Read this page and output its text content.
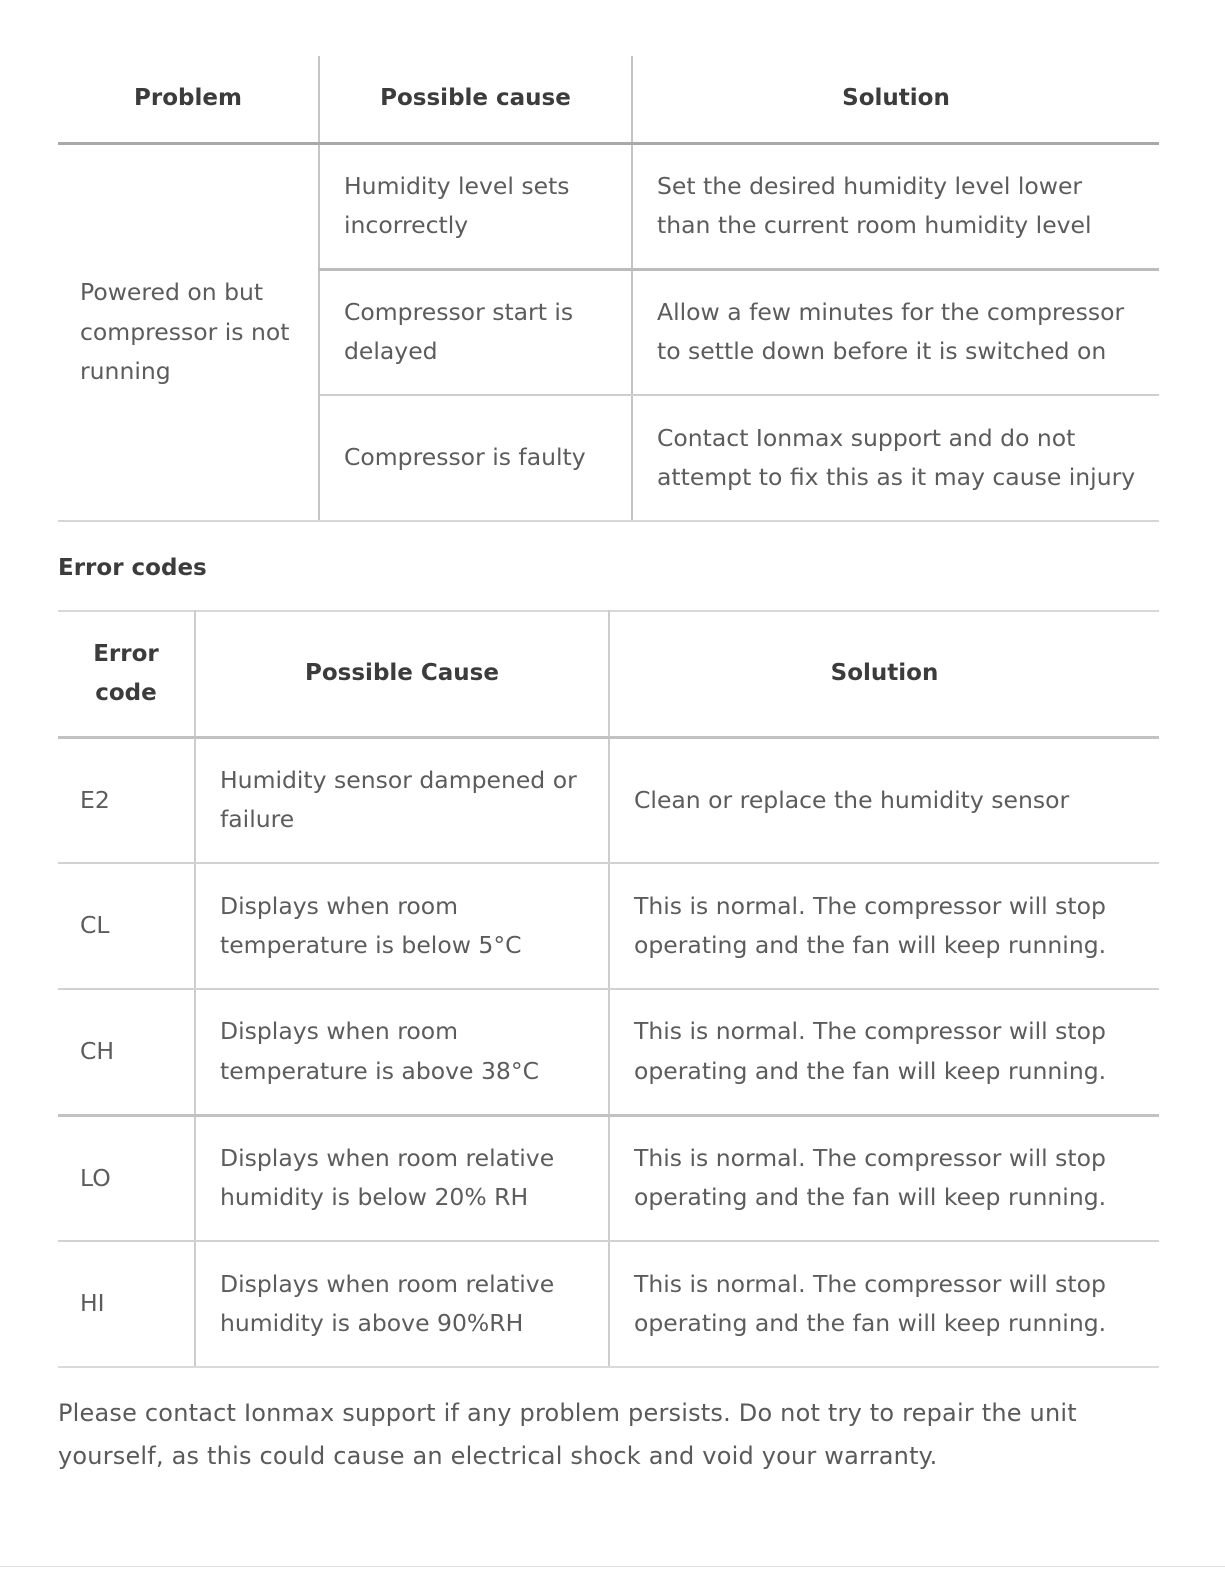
Problem	Possible cause	Solution
Powered on but compressor is not running	Humidity level sets incorrectly	Set the desired humidity level lower than the current room humidity level
	Compressor start is delayed	Allow a few minutes for the compressor to settle down before it is switched on
	Compressor is faulty	Contact Ionmax support and do not attempt to fix this as it may cause injury
Error codes
Error code	Possible Cause	Solution
E2	Humidity sensor dampened or failure	Clean or replace the humidity sensor
CL	Displays when room temperature is below 5°C	This is normal. The compressor will stop operating and the fan will keep running.
CH	Displays when room temperature is above 38°C	This is normal. The compressor will stop operating and the fan will keep running.
LO	Displays when room relative humidity is below 20% RH	This is normal. The compressor will stop operating and the fan will keep running.
HI	Displays when room relative humidity is above 90%RH	This is normal. The compressor will stop operating and the fan will keep running.

Please contact Ionmax support if any problem persists. Do not try to repair the unit yourself, as this could cause an electrical shock and void your warranty.
